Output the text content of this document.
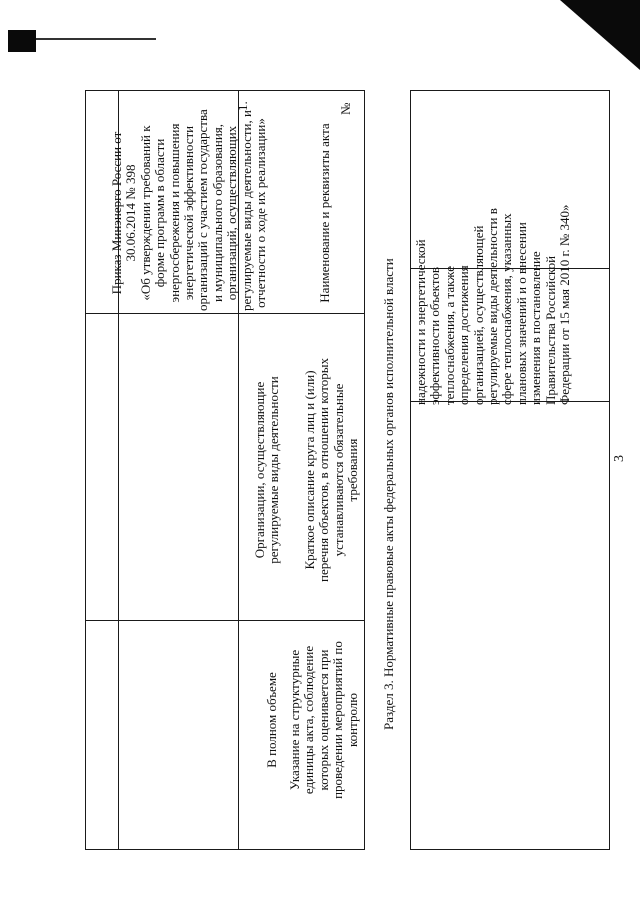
3
надежности и энергетической эффективности объектов теплоснабжения, а также определения достижения организацией, осуществляющей регулируемые виды деятельности в сфере теплоснабжения, указанных плановых значений и о внесении изменения в постановление Правительства Российской Федерации от 15 мая 2010 г. № 340»
Раздел 3. Нормативные правовые акты федеральных органов исполнительной власти
Указание на структурные единицы акта, соблюдение которых оценивается при проведении мероприятий по контролю
В полном объеме
Краткое описание круга лиц и (или) перечня объектов, в отношении которых устанавливаются обязательные требования
Организации, осуществляющие регулируемые виды деятельности
Наименование и реквизиты акта
Приказ Минэнерго России от 30.06.2014 № 398 «Об утверждении требований к форме программ в области энергосбережения и повышения энергетической эффективности организаций с участием государства и муниципального образования, организаций, осуществляющих регулируемые виды деятельности, и отчетности о ходе их реализации»
№
1.
